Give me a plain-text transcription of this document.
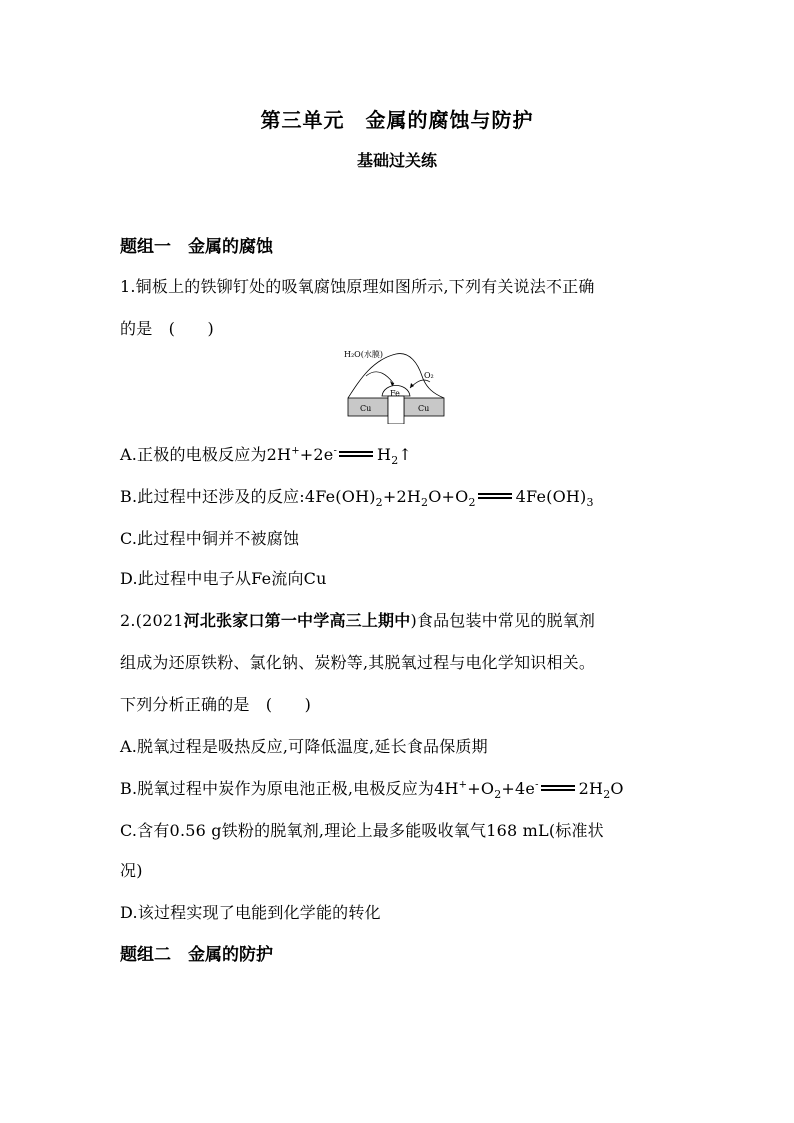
第三单元　金属的腐蚀与防护
基础过关练
题组一　金属的腐蚀
1.铜板上的铁铆钉处的吸氧腐蚀原理如图所示,下列有关说法不正确
的是　(　　)
H₂O(水膜)
O₂
Fe
Cu	Cu
A.正极的电极反应为2H++2e-	$H_2↑$
B.此过程中还涉及的反应$:4Fe(OH)_2+2H_2O+O_2$	$4Fe(OH)_3$
C.此过程中铜并不被腐蚀
D.此过程中电子从Fe流向Cu
2.(2021河北张家口第一中学高三上期中)食品包装中常见的脱氧剂
组成为还原铁粉、氯化钠、炭粉等,其脱氧过程与电化学知识相关。
下列分析正确的是　(　　)
A.脱氧过程是吸热反应,可降低温度,延长食品保质期
B.脱氧过程中炭作为原电池正极,电极反应为$4H^++O_2+4e^-$	$2H_2O$
C.含有0.56 g铁粉的脱氧剂,理论上最多能吸收氧气168 mL(标准状
况)
D.该过程实现了电能到化学能的转化
题组二　金属的防护
